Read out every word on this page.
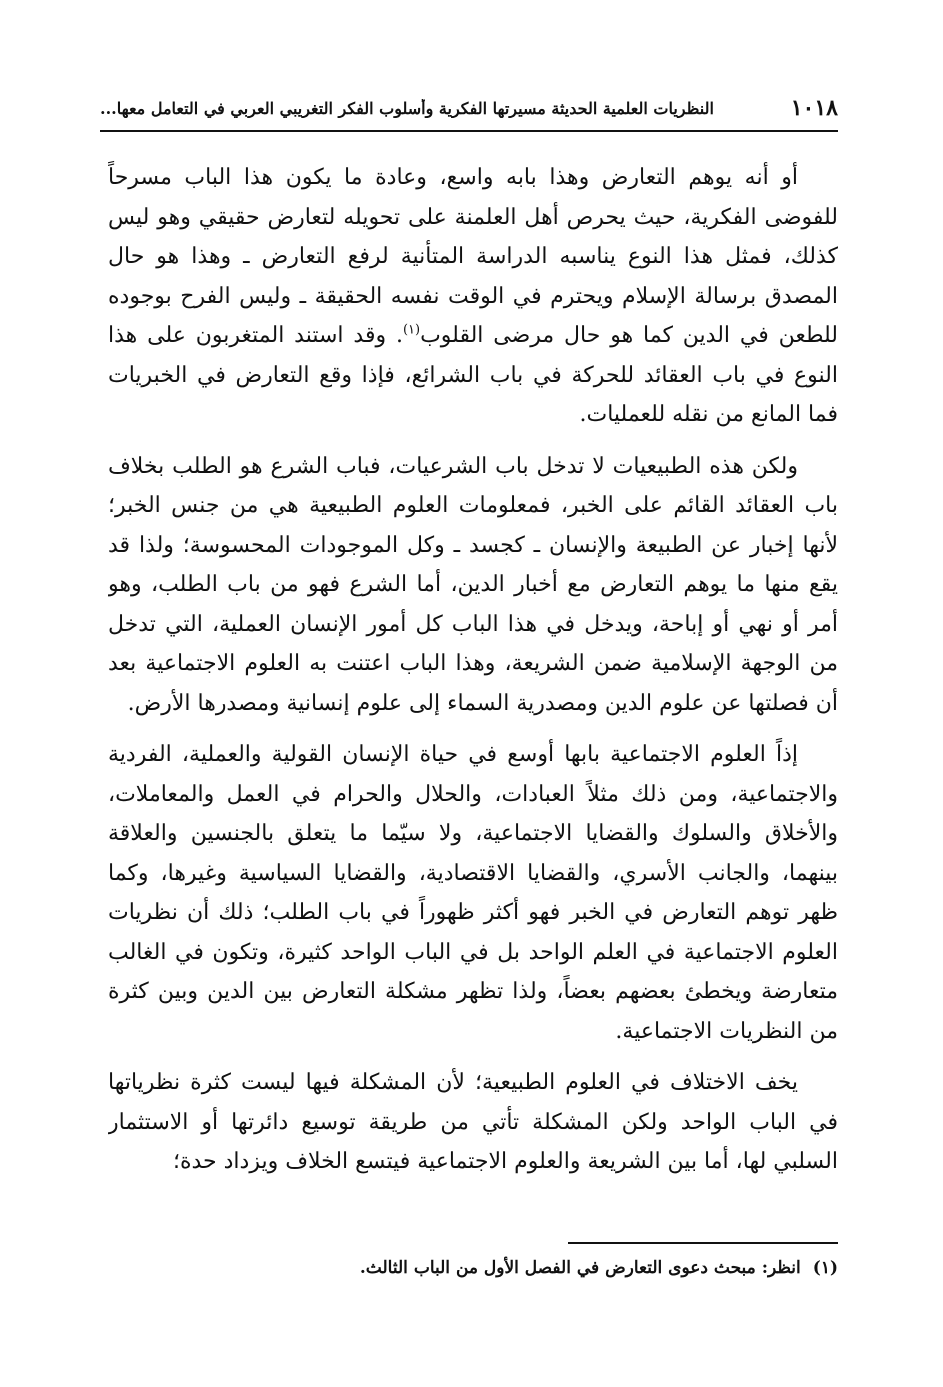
١٠١٨
النظريات العلمية الحديثة مسيرتها الفكرية وأسلوب الفكر التغريبي العربي في التعامل معها...

أو أنه يوهم التعارض وهذا بابه واسع، وعادة ما يكون هذا الباب مسرحاً للفوضى الفكرية، حيث يحرص أهل العلمنة على تحويله لتعارض حقيقي وهو ليس كذلك، فمثل هذا النوع يناسبه الدراسة المتأنية لرفع التعارض ـ وهذا هو حال المصدق برسالة الإسلام ويحترم في الوقت نفسه الحقيقة ـ وليس الفرح بوجوده للطعن في الدين كما هو حال مرضى القلوب$^{(١)}$. وقد استند المتغربون على هذا النوع في باب العقائد للحركة في باب الشرائع، فإذا وقع التعارض في الخبريات فما المانع من نقله للعمليات.

ولكن هذه الطبيعيات لا تدخل باب الشرعيات، فباب الشرع هو الطلب بخلاف باب العقائد القائم على الخبر، فمعلومات العلوم الطبيعية هي من جنس الخبر؛ لأنها إخبار عن الطبيعة والإنسان ـ كجسد ـ وكل الموجودات المحسوسة؛ ولذا قد يقع منها ما يوهم التعارض مع أخبار الدين، أما الشرع فهو من باب الطلب، وهو أمر أو نهي أو إباحة، ويدخل في هذا الباب كل أمور الإنسان العملية، التي تدخل من الوجهة الإسلامية ضمن الشريعة، وهذا الباب اعتنت به العلوم الاجتماعية بعد أن فصلتها عن علوم الدين ومصدرية السماء إلى علوم إنسانية ومصدرها الأرض.

إذاً العلوم الاجتماعية بابها أوسع في حياة الإنسان القولية والعملية، الفردية والاجتماعية، ومن ذلك مثلاً العبادات، والحلال والحرام في العمل والمعاملات، والأخلاق والسلوك والقضايا الاجتماعية، ولا سيّما ما يتعلق بالجنسين والعلاقة بينهما، والجانب الأسري، والقضايا الاقتصادية، والقضايا السياسية وغيرها، وكما ظهر توهم التعارض في الخبر فهو أكثر ظهوراً في باب الطلب؛ ذلك أن نظريات العلوم الاجتماعية في العلم الواحد بل في الباب الواحد كثيرة، وتكون في الغالب متعارضة ويخطئ بعضهم بعضاً، ولذا تظهر مشكلة التعارض بين الدين وبين كثرة من النظريات الاجتماعية.

يخف الاختلاف في العلوم الطبيعية؛ لأن المشكلة فيها ليست كثرة نظرياتها في الباب الواحد ولكن المشكلة تأتي من طريقة توسيع دائرتها أو الاستثمار السلبي لها، أما بين الشريعة والعلوم الاجتماعية فيتسع الخلاف ويزداد حدة؛

(١)انظر: مبحث دعوى التعارض في الفصل الأول من الباب الثالث.
